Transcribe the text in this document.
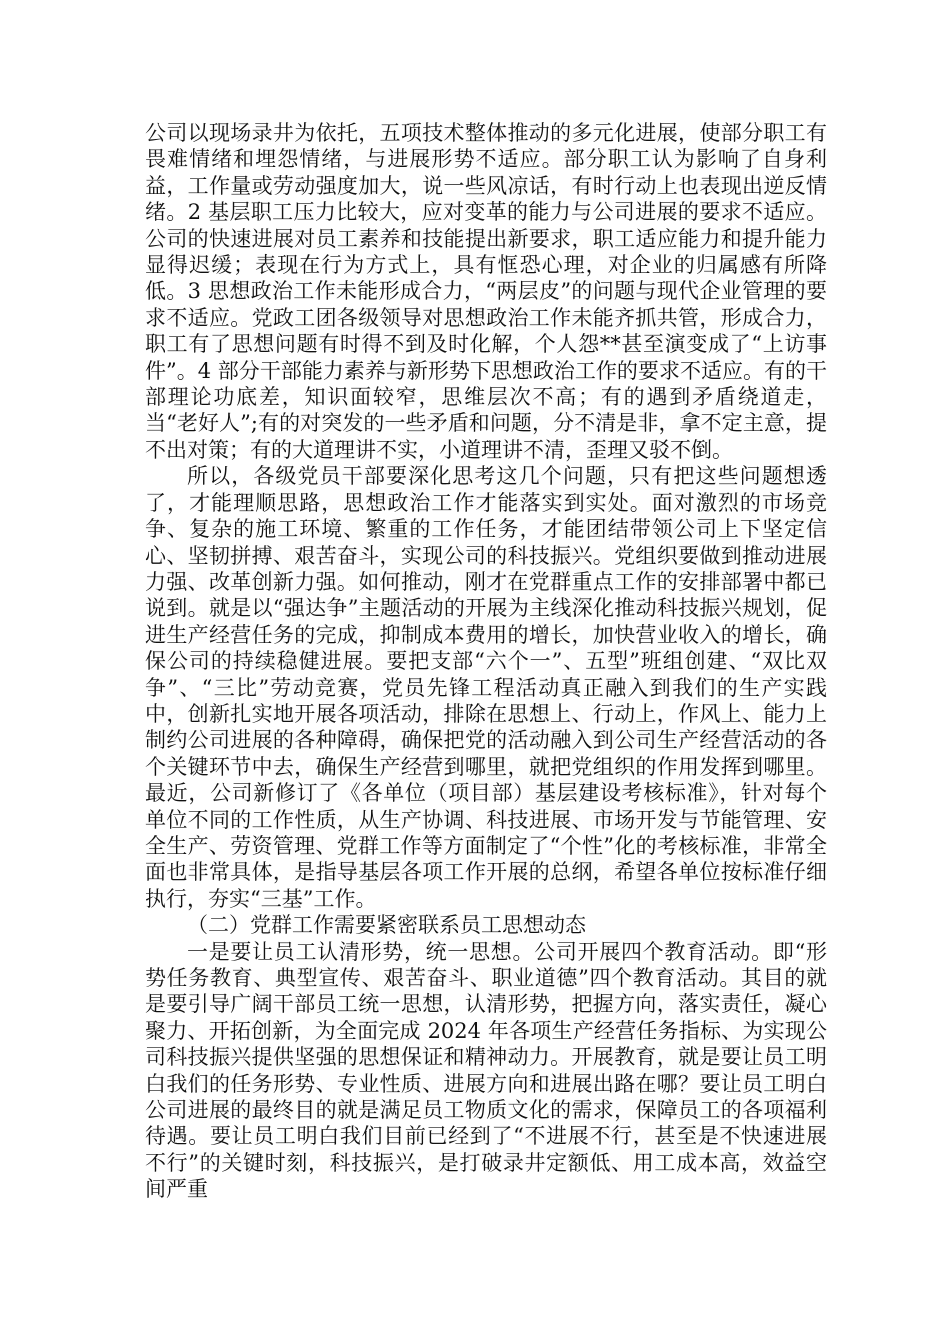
公司以现场录井为依托，五项技术整体推动的多元化进展，使部分职工有畏难情绪和埋怨情绪，与进展形势不适应。部分职工认为影响了自身利益，工作量或劳动强度加大，说一些风凉话，有时行动上也表现出逆反情绪。2 基层职工压力比较大，应对变革的能力与公司进展的要求不适应。公司的快速进展对员工素养和技能提出新要求，职工适应能力和提升能力显得迟缓；表现在行为方式上，具有恇恐心理，对企业的归属感有所降低。3 思想政治工作未能形成合力，“两层皮”的问题与现代企业管理的要求不适应。党政工团各级领导对思想政治工作未能齐抓共管，形成合力，职工有了思想问题有时得不到及时化解，个人怨**甚至演变成了“上访事件”。4 部分干部能力素养与新形势下思想政治工作的要求不适应。有的干部理论功底差，知识面较窄，思维层次不高；有的遇到矛盾绕道走，当“老好人”;有的对突发的一些矛盾和问题，分不清是非，拿不定主意，提不出对策；有的大道理讲不实，小道理讲不清，歪理又驳不倒。

所以，各级党员干部要深化思考这几个问题，只有把这些问题想透了，才能理顺思路，思想政治工作才能落实到实处。面对激烈的市场竞争、复杂的施工环境、繁重的工作任务，才能团结带领公司上下坚定信心、坚韧拼搏、艰苦奋斗，实现公司的科技振兴。党组织要做到推动进展力强、改革创新力强。如何推动，刚才在党群重点工作的安排部署中都已说到。就是以“强达争”主题活动的开展为主线深化推动科技振兴规划，促进生产经营任务的完成，抑制成本费用的增长，加快营业收入的增长，确保公司的持续稳健进展。要把支部“六个一”、五型”班组创建、“双比双争”、“三比”劳动竞赛，党员先锋工程活动真正融入到我们的生产实践中，创新扎实地开展各项活动，排除在思想上、行动上，作风上、能力上制约公司进展的各种障碍，确保把党的活动融入到公司生产经营活动的各个关键环节中去，确保生产经营到哪里，就把党组织的作用发挥到哪里。最近，公司新修订了《各单位（项目部）基层建设考核标准》，针对每个单位不同的工作性质，从生产协调、科技进展、市场开发与节能管理、安全生产、劳资管理、党群工作等方面制定了“个性”化的考核标准，非常全面也非常具体，是指导基层各项工作开展的总纲，希望各单位按标准仔细执行，夯实“三基”工作。

（二）党群工作需要紧密联系员工思想动态

一是要让员工认清形势，统一思想。公司开展四个教育活动。即“形势任务教育、典型宣传、艰苦奋斗、职业道德”四个教育活动。其目的就是要引导广阔干部员工统一思想，认清形势，把握方向，落实责任，凝心聚力、开拓创新，为全面完成 2024 年各项生产经营任务指标、为实现公司科技振兴提供坚强的思想保证和精神动力。开展教育，就是要让员工明白我们的任务形势、专业性质、进展方向和进展出路在哪？要让员工明白公司进展的最终目的就是满足员工物质文化的需求，保障员工的各项福利待遇。要让员工明白我们目前已经到了“不进展不行，甚至是不快速进展不行”的关键时刻，科技振兴，是打破录井定额低、用工成本高，效益空间严重
